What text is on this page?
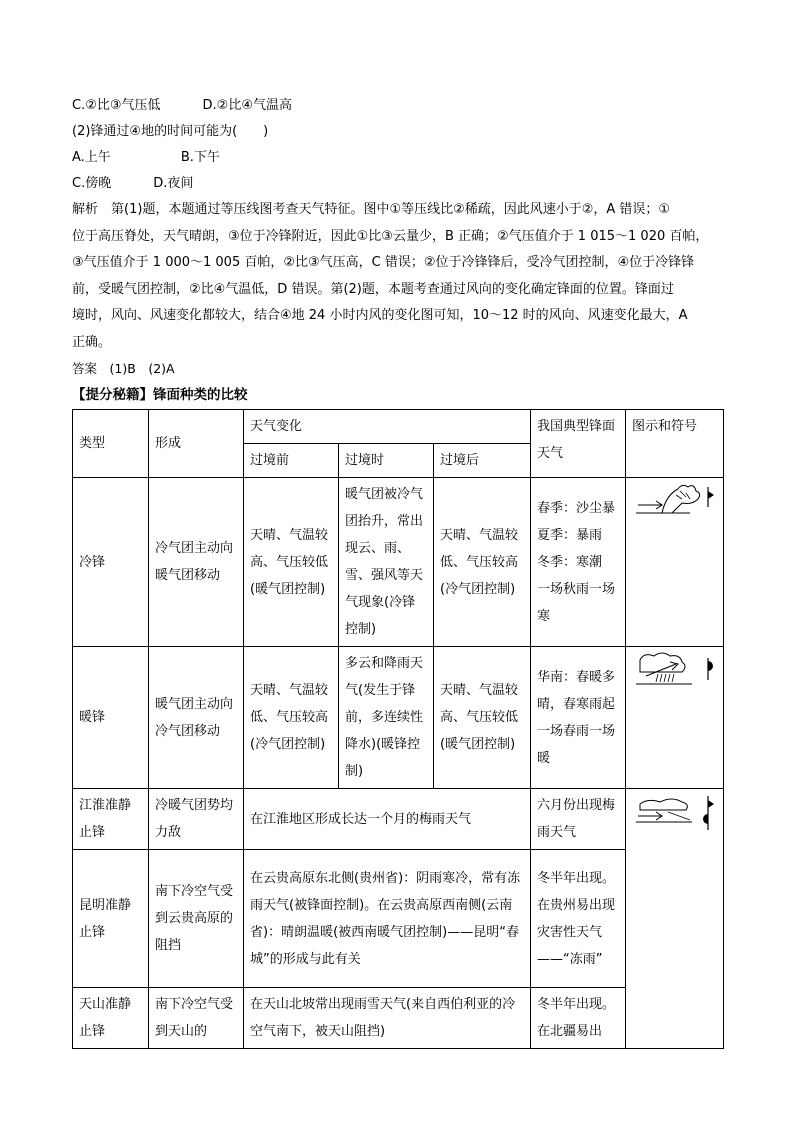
C.②比③气压低	D.②比④气温高
(2)锋通过④地的时间可能为(　　)
A.上午	B.下午
C.傍晚	D.夜间
解析　 第(1)题，本题通过等压线图考查天气特征。图中①等压线比②稀疏，因此风速小于②，A 错误；①
位于高压脊处，天气晴朗，③位于冷锋附近，因此①比③云量少，B 正确；②气压值介于 1 015～1 020 百帕，
③气压值介于 1 000～1 005 百帕，②比③气压高，C 错误；②位于冷锋锋后，受冷气团控制，④位于冷锋锋
前，受暖气团控制，②比④气温低，D 错误。第(2)题，本题考查通过风向的变化确定锋面的位置。锋面过
境时，风向、风速变化都较大，结合④地 24 小时内风的变化图可知，10～12 时的风向、风速变化最大，A
正确。
答案　 (1)B　(2)A
【提分秘籍】锋面种类的比较
类型	形成	天气变化			我国典型锋面天气	图示和符号
		过境前	过境时	过境后		
冷锋	冷气团主动向暖气团移动	天晴、气温较高、气压较低(暖气团控制)	暖气团被冷气团抬升，常出现云、雨、雪、强风等天气现象(冷锋控制)	天晴、气温较低、气压较高(冷气团控制)	春季：沙尘暴
夏季：暴雨
冬季：寒潮
一场秋雨一场寒

暖锋	暖气团主动向冷气团移动	天晴、气温较低、气压较高(冷气团控制)	多云和降雨天气(发生于锋前，多连续性降水)(暖锋控制)	天晴、气温较高、气压较低(暖气团控制)	华南：春暖多晴，春寒雨起一场春雨一场暖	

江淮准静止锋	冷暖气团势均力敌	在江淮地区形成长达一个月的梅雨天气			六月份出现梅雨天气	

昆明准静止锋	南下冷空气受到云贵高原的阻挡	在云贵高原东北侧(贵州省)：阴雨寒冷，常有冻雨天气(被锋面控制)。在云贵高原西南侧(云南省)：晴朗温暖(被西南暖气团控制)——昆明“春城”的形成与此有关			冬半年出现。在贵州易出现灾害性天气——“冻雨”	
天山准静止锋	南下冷空气受到天山的	在天山北坡常出现雨雪天气(来自西伯利亚的冷空气南下，被天山阻挡)			冬半年出现。在北疆易出	
